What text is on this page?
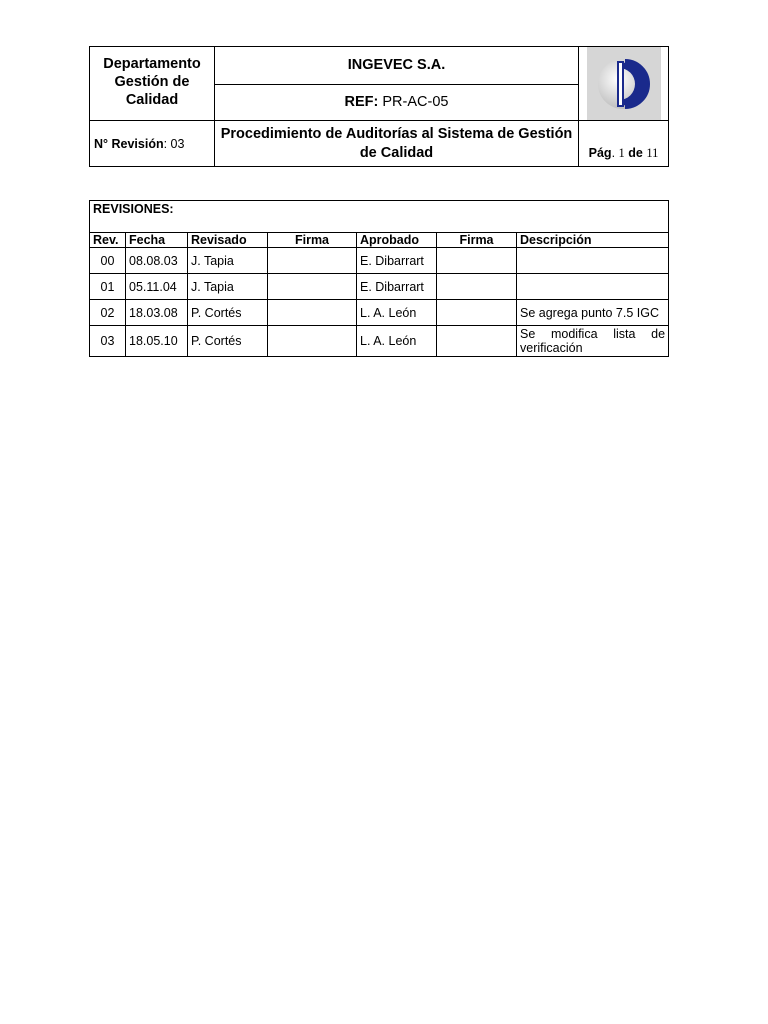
Departamento Gestión de Calidad	INGEVEC S.A.	

	REF: PR-AC-05	
N° Revisión: 03	Procedimiento de Auditorías al Sistema de Gestión de Calidad	Pág. 1 de 11
REVISIONES:						
Rev.	Fecha	Revisado	Firma	Aprobado	Firma	Descripción
00	08.08.03	J. Tapia		E. Dibarrart		
01	05.11.04	J. Tapia		E. Dibarrart		
02	18.03.08	P. Cortés		L. A. León		Se agrega punto 7.5 IGC
03	18.05.10	P. Cortés		L. A. León		Se modifica lista de verificación
